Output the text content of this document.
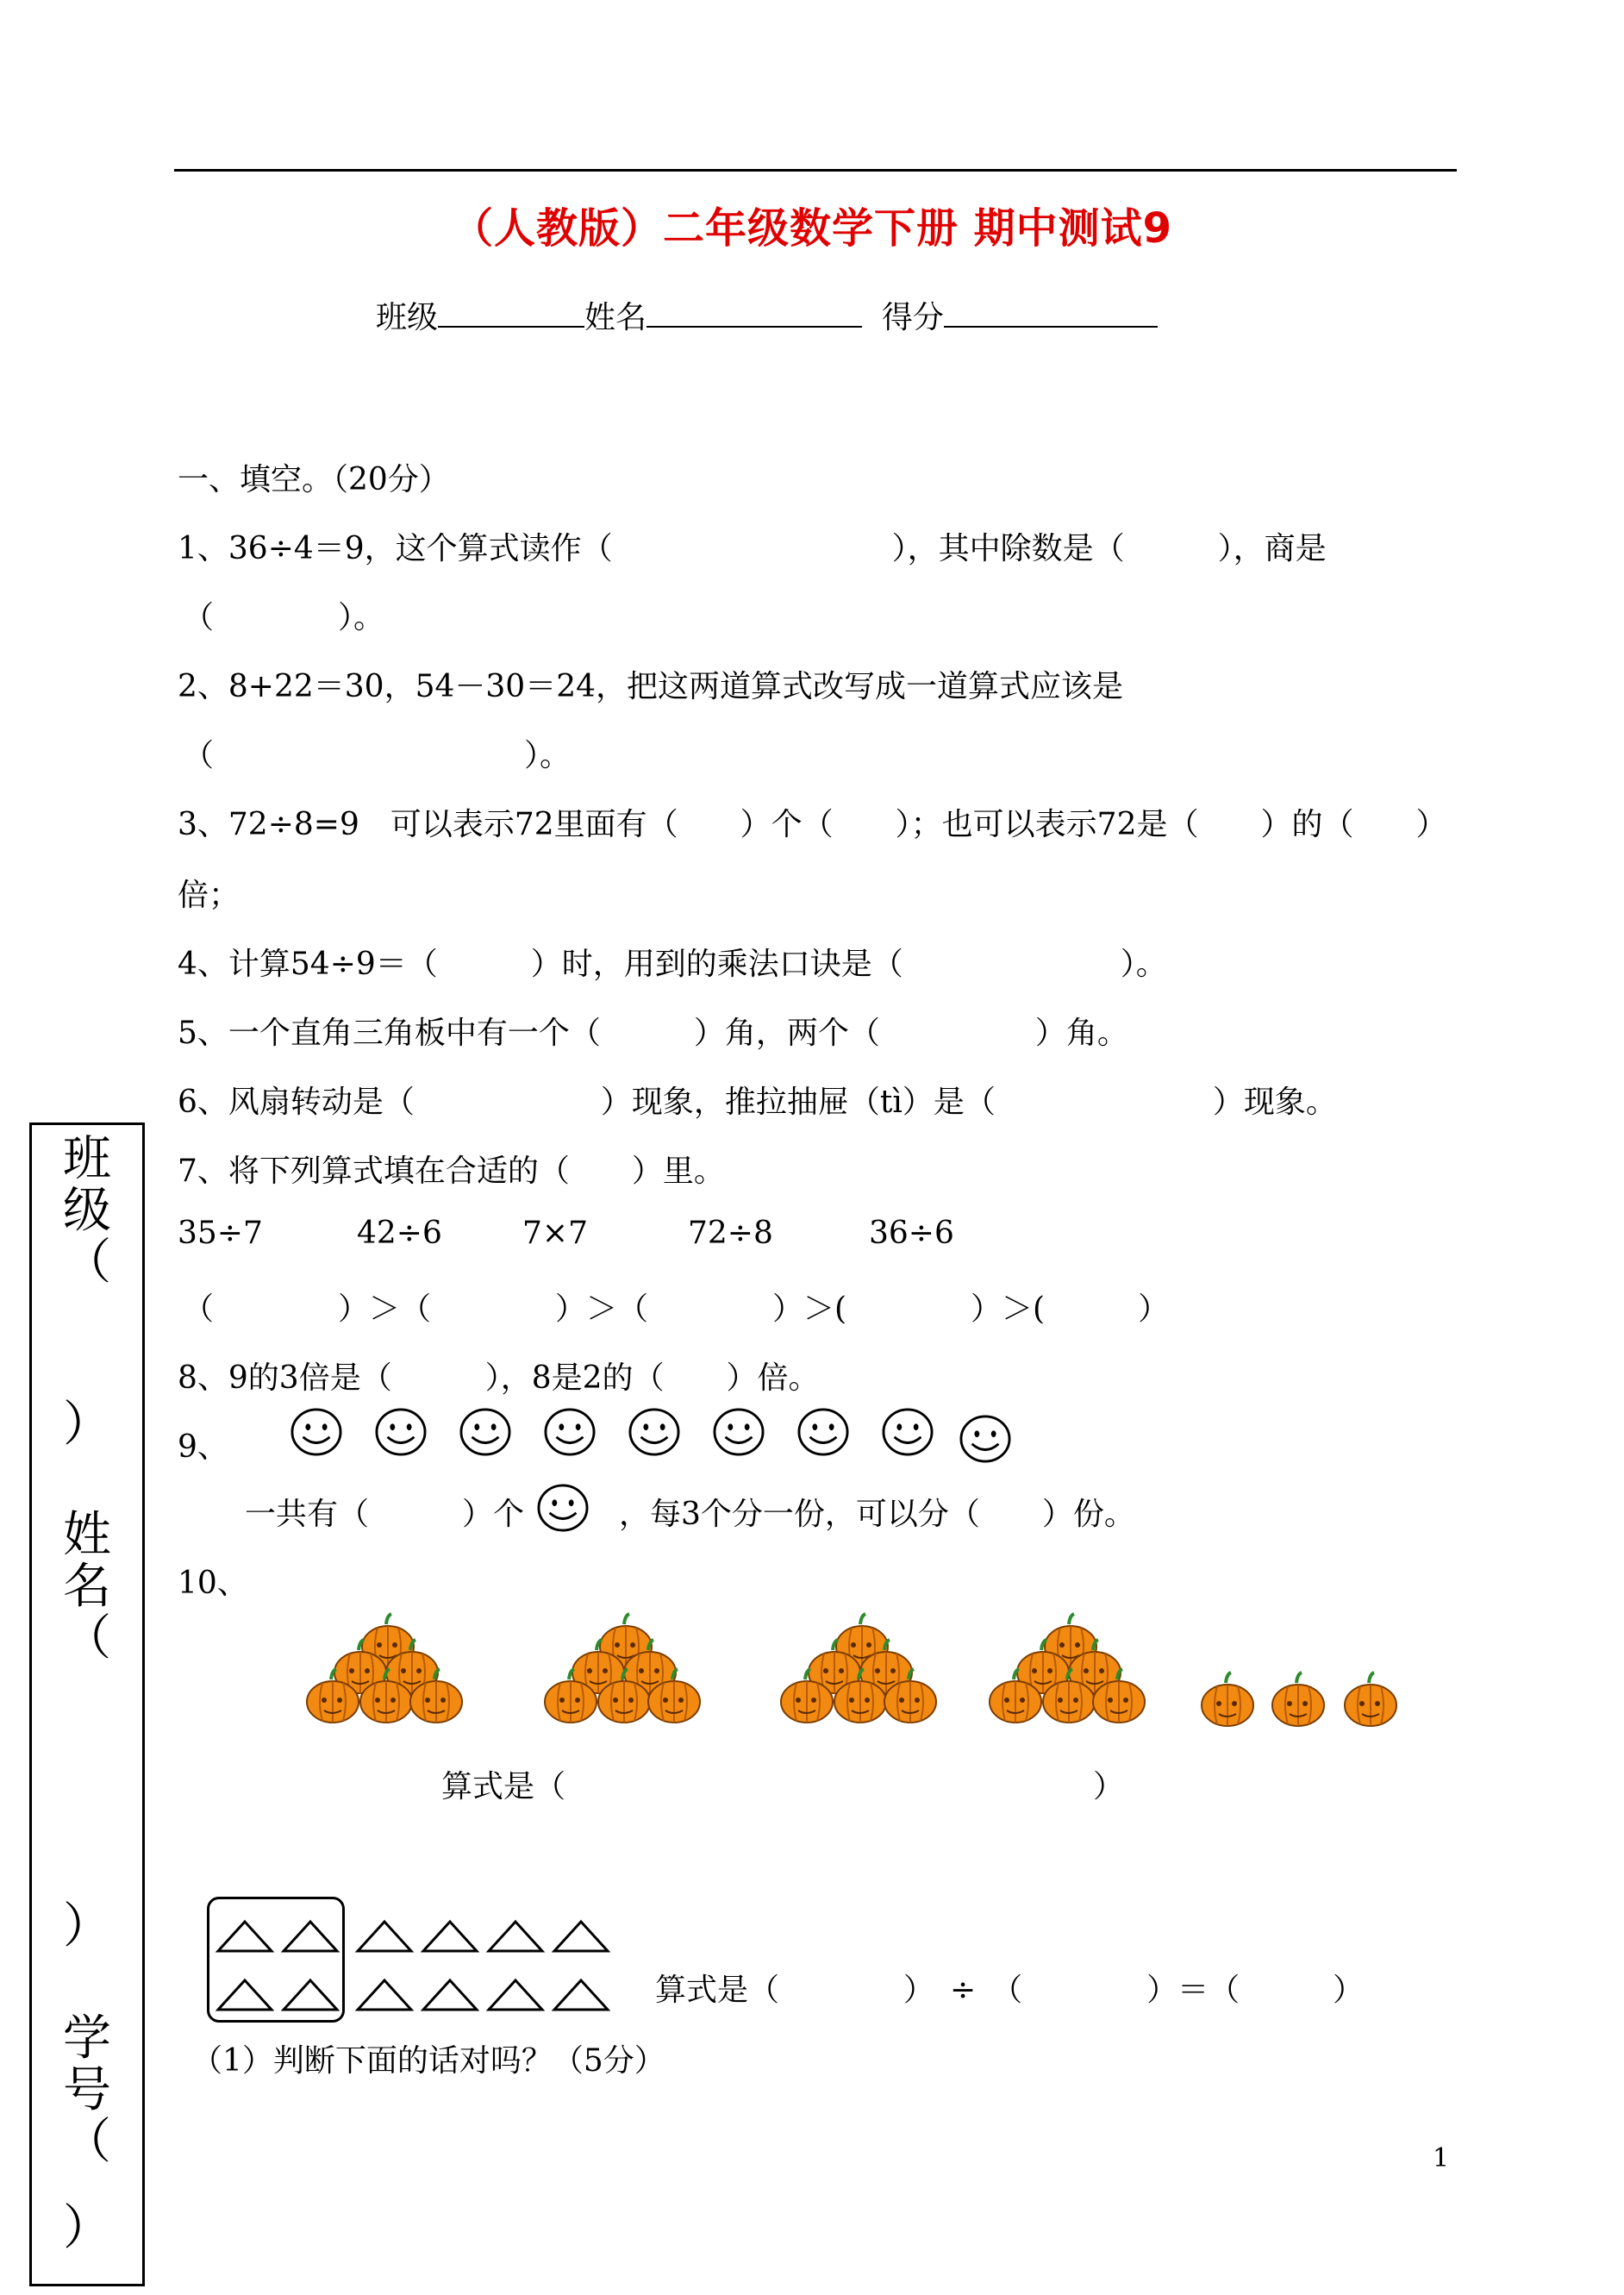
（人教版）二年级数学下册 期中测试9
班级	姓名	得分
一、填空。（20分）
1、36÷4＝9，这个算式读作（　　　　　　　　　），其中除数是（　　　），商是
（　　　　）。
2、8+22＝30，54－30＝24，把这两道算式改写成一道算式应该是
（　　　　　　　　　　）。
3、72÷8=9　可以表示72里面有（　　）个（　　）；也可以表示72是（　　）的（　　）
倍；
4、计算54÷9＝（　　　）时，用到的乘法口诀是（　　　　　　　）。
5、一个直角三角板中有一个（　　　）角，两个（　　　　　）角。
6、风扇转动是（　　　　　　）现象，推拉抽屉（tì）是（　　　　　　　）现象。
7、将下列算式填在合适的（　　）里。
35÷7	42÷6	7×7	72÷8	36÷6
（　　　　）＞（　　　　）＞（　　　　）＞(　　　　）＞(　　　）
8、9的3倍是（　　　），8是2的（　　）倍。
9、
一共有（　　　）个	，每3个分一份，可以分（　　）份。
10、
算式是（　　　　　　　　　　　　　　　　　）
算式是（　　　　）　÷　（　　　　）＝（　　　）
（1）判断下面的话对吗？（5分）
1
班
级
（
）
姓
名
（
）
学
号
（
）
